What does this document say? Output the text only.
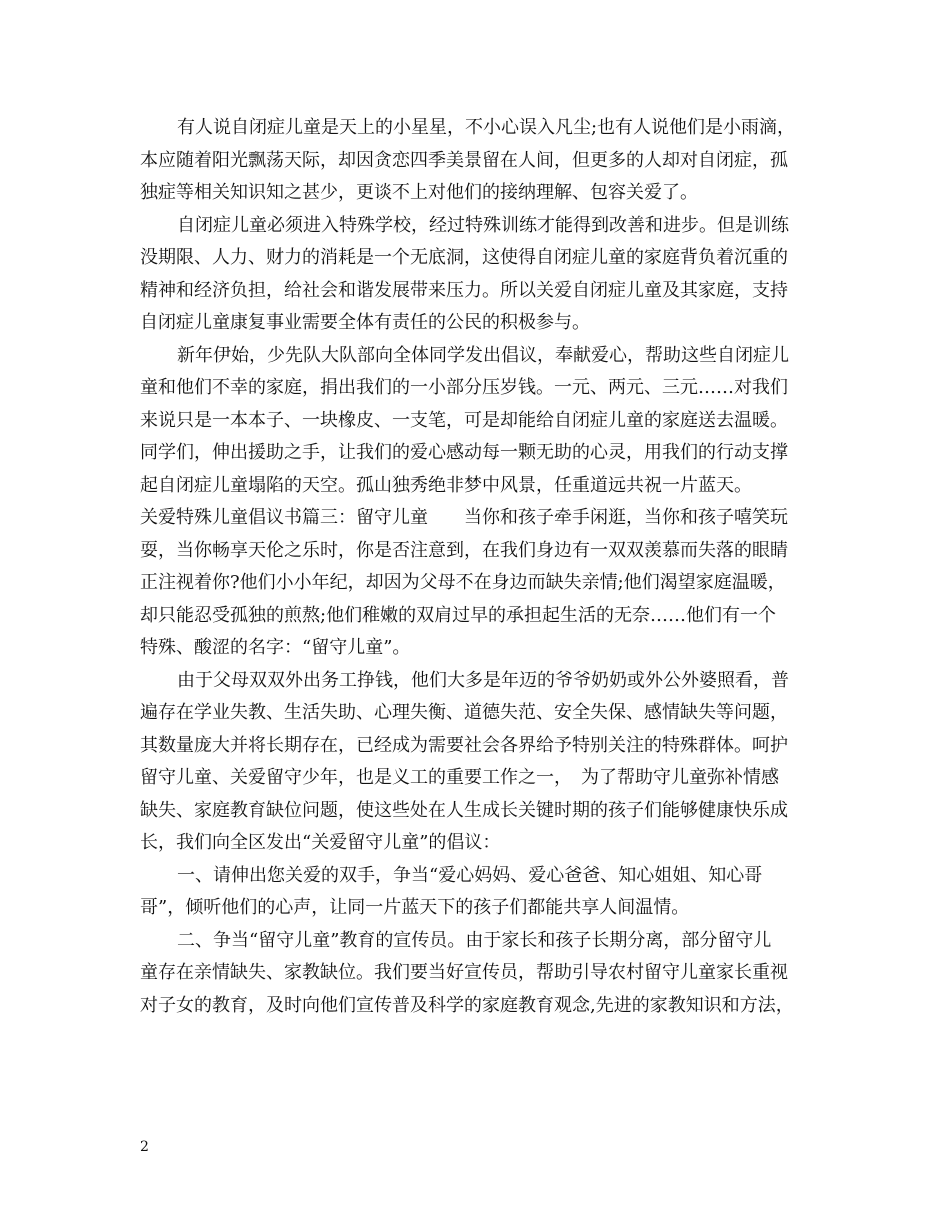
有人说自闭症儿童是天上的小星星，不小心误入凡尘;也有人说他们是小雨滴，
本应随着阳光飘荡天际，却因贪恋四季美景留在人间，但更多的人却对自闭症，孤
独症等相关知识知之甚少，更谈不上对他们的接纳理解、包容关爱了。
自闭症儿童必须进入特殊学校，经过特殊训练才能得到改善和进步。但是训练
没期限、人力、财力的消耗是一个无底洞，这使得自闭症儿童的家庭背负着沉重的
精神和经济负担，给社会和谐发展带来压力。所以关爱自闭症儿童及其家庭，支持
自闭症儿童康复事业需要全体有责任的公民的积极参与。
新年伊始，少先队大队部向全体同学发出倡议，奉献爱心，帮助这些自闭症儿
童和他们不幸的家庭，捐出我们的一小部分压岁钱。一元、两元、三元……对我们
来说只是一本本子、一块橡皮、一支笔，可是却能给自闭症儿童的家庭送去温暖。
同学们，伸出援助之手，让我们的爱心感动每一颗无助的心灵，用我们的行动支撑
起自闭症儿童塌陷的天空。孤山独秀绝非梦中风景，任重道远共祝一片蓝天。
关爱特殊儿童倡议书篇三：留守儿童　　当你和孩子牵手闲逛，当你和孩子嘻笑玩
耍，当你畅享天伦之乐时，你是否注意到，在我们身边有一双双羡慕而失落的眼睛
正注视着你?他们小小年纪，却因为父母不在身边而缺失亲情;他们渴望家庭温暖，
却只能忍受孤独的煎熬;他们稚嫩的双肩过早的承担起生活的无奈……他们有一个
特殊、酸涩的名字：“留守儿童”。
由于父母双双外出务工挣钱，他们大多是年迈的爷爷奶奶或外公外婆照看，普
遍存在学业失教、生活失助、心理失衡、道德失范、安全失保、感情缺失等问题，
其数量庞大并将长期存在，已经成为需要社会各界给予特别关注的特殊群体。呵护
留守儿童、关爱留守少年，也是义工的重要工作之一，　为了帮助守儿童弥补情感
缺失、家庭教育缺位问题，使这些处在人生成长关键时期的孩子们能够健康快乐成
长，我们向全区发出“关爱留守儿童”的倡议：
一、请伸出您关爱的双手，争当“爱心妈妈、爱心爸爸、知心姐姐、知心哥
哥”，倾听他们的心声，让同一片蓝天下的孩子们都能共享人间温情。
二、争当“留守儿童”教育的宣传员。由于家长和孩子长期分离，部分留守儿
童存在亲情缺失、家教缺位。我们要当好宣传员，帮助引导农村留守儿童家长重视
对子女的教育，及时向他们宣传普及科学的家庭教育观念,先进的家教知识和方法，
2
